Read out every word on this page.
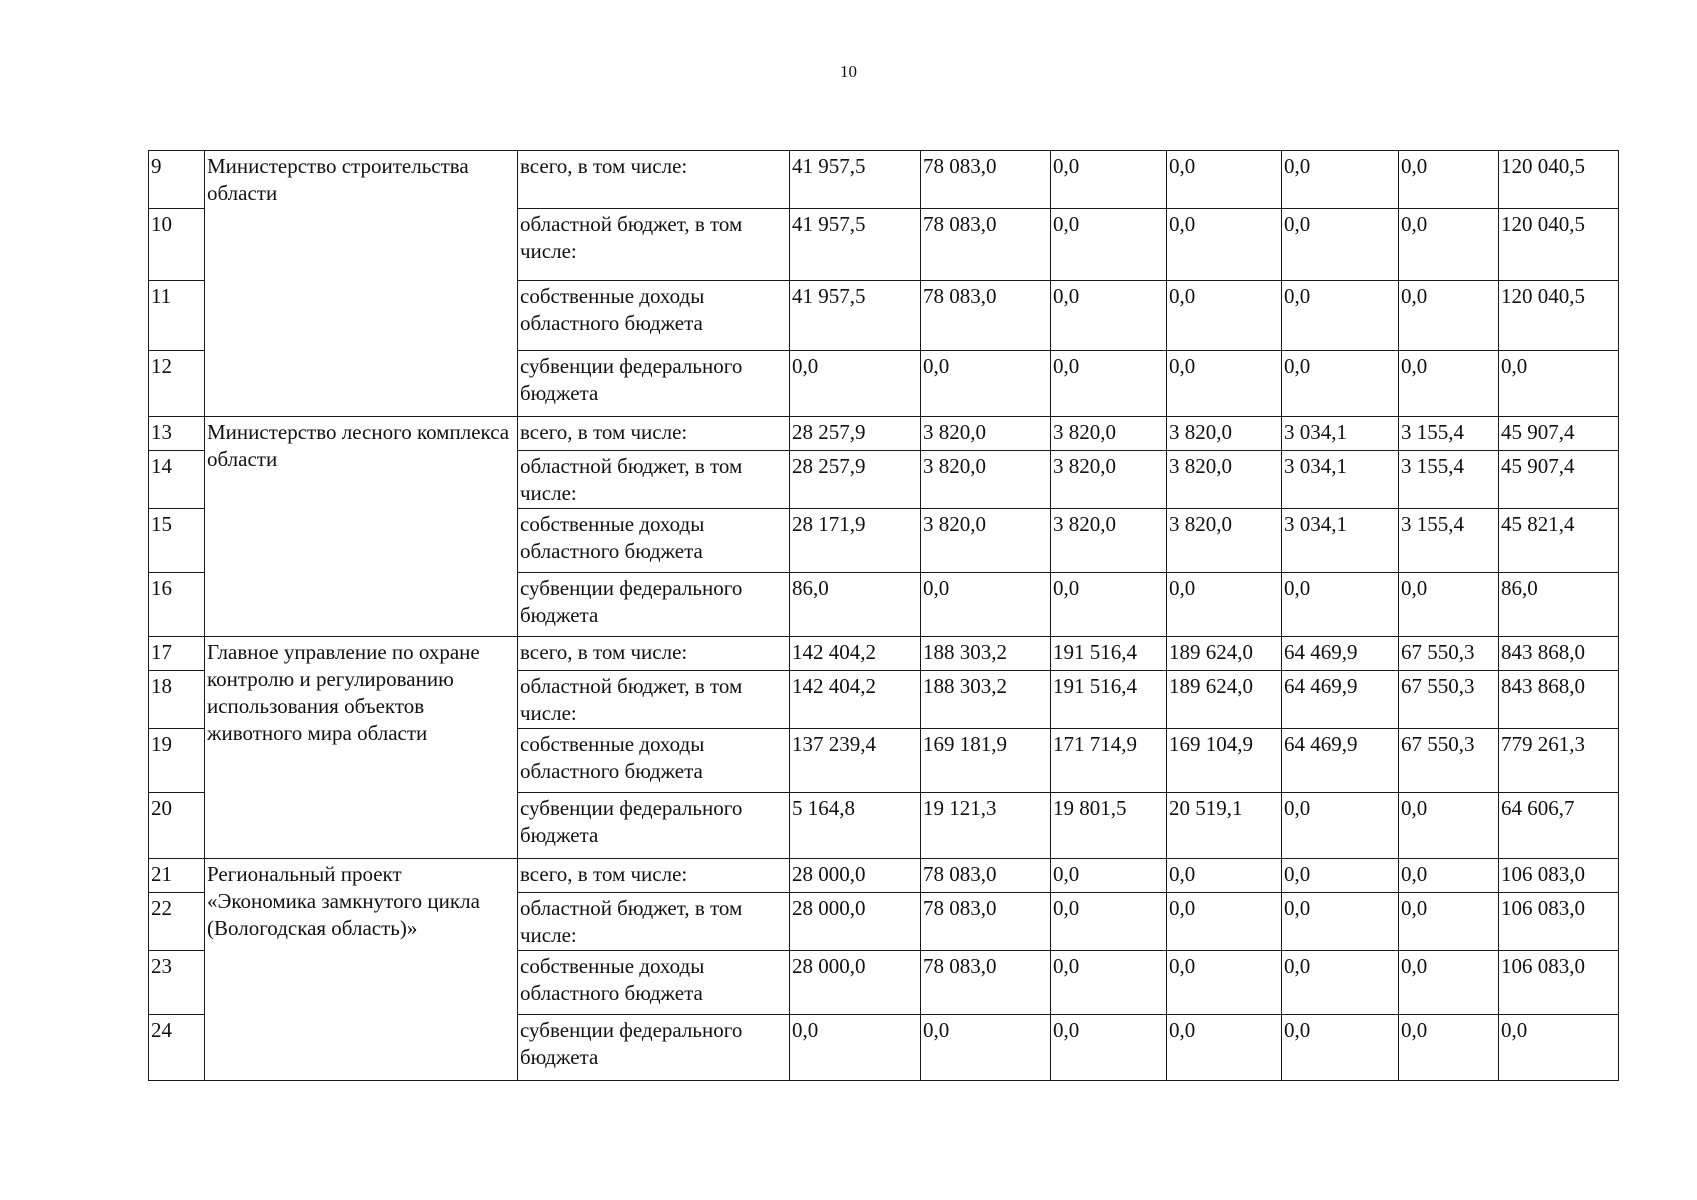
10
9	Министерство строительства области	всего, в том числе:	41 957,5	78 083,0	0,0	0,0	0,0	0,0	120 040,5
10		областной бюджет, в том числе:	41 957,5	78 083,0	0,0	0,0	0,0	0,0	120 040,5
11		собственные доходы областного бюджета	41 957,5	78 083,0	0,0	0,0	0,0	0,0	120 040,5
12		субвенции федерального бюджета	0,0	0,0	0,0	0,0	0,0	0,0	0,0
13	Министерство лесного комплекса области	всего, в том числе:	28 257,9	3 820,0	3 820,0	3 820,0	3 034,1	3 155,4	45 907,4
14		областной бюджет, в том числе:	28 257,9	3 820,0	3 820,0	3 820,0	3 034,1	3 155,4	45 907,4
15		собственные доходы областного бюджета	28 171,9	3 820,0	3 820,0	3 820,0	3 034,1	3 155,4	45 821,4
16		субвенции федерального бюджета	86,0	0,0	0,0	0,0	0,0	0,0	86,0
17	Главное управление по охране контролю и регулированию использования объектов животного мира области	всего, в том числе:	142 404,2	188 303,2	191 516,4	189 624,0	64 469,9	67 550,3	843 868,0
18		областной бюджет, в том числе:	142 404,2	188 303,2	191 516,4	189 624,0	64 469,9	67 550,3	843 868,0
19		собственные доходы областного бюджета	137 239,4	169 181,9	171 714,9	169 104,9	64 469,9	67 550,3	779 261,3
20		субвенции федерального бюджета	5 164,8	19 121,3	19 801,5	20 519,1	0,0	0,0	64 606,7
21	Региональный проект «Экономика замкнутого цикла (Вологодская область)»	всего, в том числе:	28 000,0	78 083,0	0,0	0,0	0,0	0,0	106 083,0
22		областной бюджет, в том числе:	28 000,0	78 083,0	0,0	0,0	0,0	0,0	106 083,0
23		собственные доходы областного бюджета	28 000,0	78 083,0	0,0	0,0	0,0	0,0	106 083,0
24		субвенции федерального бюджета	0,0	0,0	0,0	0,0	0,0	0,0	0,0
